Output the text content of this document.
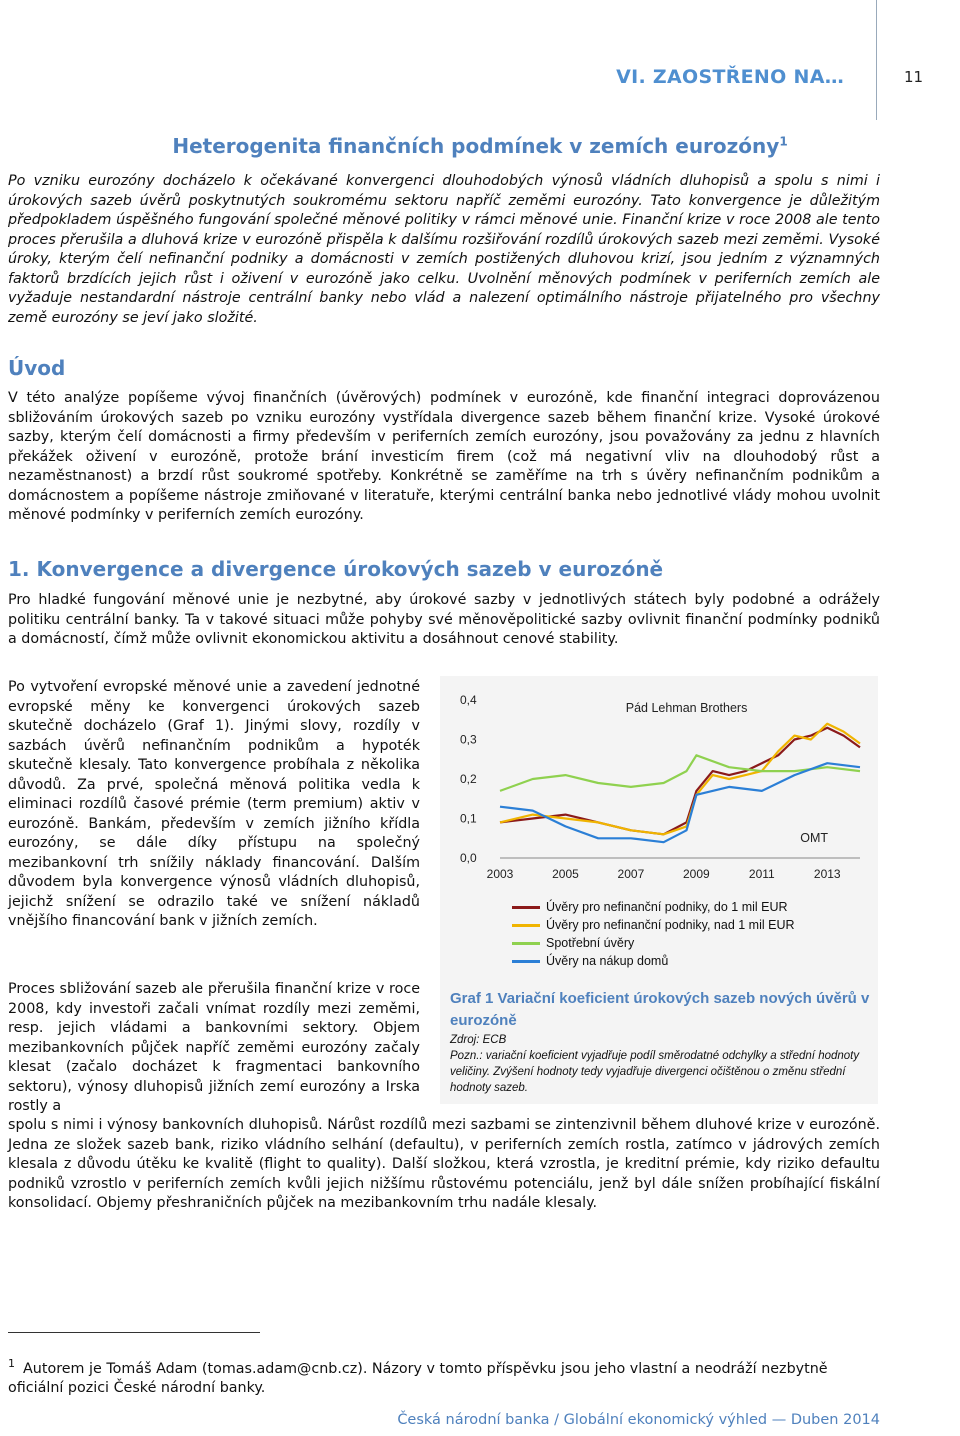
VI. ZAOSTŘENO NA…	11
Heterogenita finančních podmínek v zemích eurozóny$^1$

Po vzniku eurozóny docházelo k očekávané konvergenci dlouhodobých výnosů vládních dluhopisů a spolu s nimi i úrokových sazeb úvěrů poskytnutých soukromému sektoru napříč zeměmi eurozóny. Tato konvergence je důležitým předpokladem úspěšného fungování společné měnové politiky v rámci měnové unie. Finanční krize v roce 2008 ale tento proces přerušila a dluhová krize v eurozóně přispěla k dalšímu rozšiřování rozdílů úrokových sazeb mezi zeměmi. Vysoké úroky, kterým čelí nefinanční podniky a domácnosti v zemích postižených dluhovou krizí, jsou jedním z významných faktorů brzdících jejich růst i oživení v eurozóně jako celku. Uvolnění měnových podmínek v periferních zemích ale vyžaduje nestandardní nástroje centrální banky nebo vlád a nalezení optimálního nástroje přijatelného pro všechny země eurozóny se jeví jako složité.

Úvod

V této analýze popíšeme vývoj finančních (úvěrových) podmínek v eurozóně, kde finanční integraci doprovázenou sbližováním úrokových sazeb po vzniku eurozóny vystřídala divergence sazeb během finanční krize. Vysoké úrokové sazby, kterým čelí domácnosti a firmy především v periferních zemích eurozóny, jsou považovány za jednu z hlavních překážek oživení v eurozóně, protože brání investicím firem (což má negativní vliv na dlouhodobý růst a nezaměstnanost) a brzdí růst soukromé spotřeby. Konkrétně se zaměříme na trh s úvěry nefinančním podnikům a domácnostem a popíšeme nástroje zmiňované v literatuře, kterými centrální banka nebo jednotlivé vlády mohou uvolnit měnové podmínky v periferních zemích eurozóny.

1. Konvergence a divergence úrokových sazeb v eurozóně

Pro hladké fungování měnové unie je nezbytné, aby úrokové sazby v jednotlivých státech byly podobné a odrážely politiku centrální banky. Ta v takové situaci může pohyby své měnověpolitické sazby ovlivnit finanční podmínky podniků a domácností, čímž může ovlivnit ekonomickou aktivitu a dosáhnout cenové stability.

Po vytvoření evropské měnové unie a zavedení jednotné evropské měny ke konvergenci úrokových sazeb skutečně docházelo (Graf 1). Jinými slovy, rozdíly v sazbách úvěrů nefinančním podnikům a hypoték skutečně klesaly. Tato konvergence probíhala z několika důvodů. Za prvé, společná měnová politika vedla k eliminaci rozdílů časové prémie (term premium) aktiv v eurozóně. Bankám, především v zemích jižního křídla eurozóny, se dále díky přístupu na společný mezibankovní trh snížily náklady financování. Dalším důvodem byla konvergence výnosů vládních dluhopisů, jejichž snížení se odrazilo také ve snížení nákladů vnějšího financování bank v jižních zemích.

Proces sbližování sazeb ale přerušila finanční krize v roce 2008, kdy investoři začali vnímat rozdíly mezi zeměmi, resp. jejich vládami a bankovními sektory. Objem mezibankovních půjček napříč zeměmi eurozóny začaly klesat (začalo docházet k fragmentaci bankovního sektoru), výnosy dluhopisů jižních zemí eurozóny a Irska rostly a

spolu s nimi i výnosy bankovních dluhopisů. Nárůst rozdílů mezi sazbami se zintenzivnil během dluhové krize v eurozóně. Jedna ze složek sazeb bank, riziko vládního selhání (defaultu), v periferních zemích rostla, zatímco v jádrových zemích klesala z důvodu útěku ke kvalitě (flight to quality). Další složkou, která vzrostla, je kreditní prémie, kdy riziko defaultu podniků vzrostlo v periferních zemích kvůli jejich nižšímu růstovému potenciálu, jenž byl dále snížen probíhající fiskální konsolidací. Objemy přeshraničních půjček na mezibankovním trhu nadále klesaly.

0,0
0,1
0,2
0,3
0,4
2003	2005	2007	2009	2011	2013
Pád Lehman Brothers
OMT
Úvěry pro nefinanční podniky, do 1 mil EUR
Úvěry pro nefinanční podniky, nad 1 mil EUR
Spotřební úvěry
Úvěry na nákup domů
Graf 1 Variační koeficient úrokových sazeb nových úvěrů v eurozóně
Zdroj: ECB
Pozn.: variační koeficient vyjadřuje podíl směrodatné odchylky a střední hodnoty veličiny. Zvýšení hodnoty tedy vyjadřuje divergenci očištěnou o změnu střední hodnoty sazeb.

$^1$ Autorem je Tomáš Adam (tomas.adam@cnb.cz). Názory v tomto příspěvku jsou jeho vlastní a neodráží nezbytně oficiální pozici České národní banky.

Česká národní banka / Globální ekonomický výhled — Duben 2014
